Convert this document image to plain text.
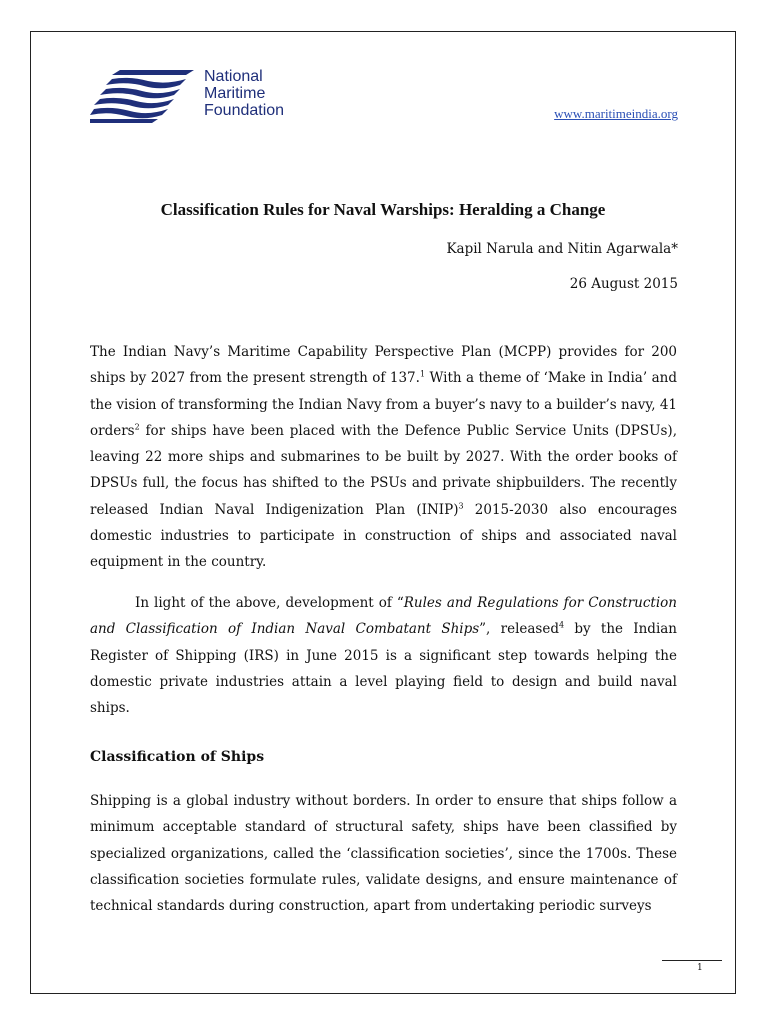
National
Maritime
Foundation	www.maritimeindia.org
Classification Rules for Naval Warships: Heralding a Change
Kapil Narula and Nitin Agarwala*
26 August 2015

The Indian Navy’s Maritime Capability Perspective Plan (MCPP) provides for 200 ships by 2027 from the present strength of 137.$^1$ With a theme of ‘Make in India’ and the vision of transforming the Indian Navy from a buyer’s navy to a builder’s navy, 41 orders$^2$ for ships have been placed with the Defence Public Service Units (DPSUs), leaving 22 more ships and submarines to be built by 2027. With the order books of DPSUs full, the focus has shifted to the PSUs and private shipbuilders. The recently released Indian Naval Indigenization Plan (INIP)$^3$ 2015-2030 also encourages domestic industries to participate in construction of ships and associated naval equipment in the country.

In light of the above, development of “Rules and Regulations for Construction and Classification of Indian Naval Combatant Ships”, released$^4$ by the Indian Register of Shipping (IRS) in June 2015 is a significant step towards helping the domestic private industries attain a level playing field to design and build naval ships.

Classification of Ships

Shipping is a global industry without borders. In order to ensure that ships follow a minimum acceptable standard of structural safety, ships have been classified by specialized organizations, called the ‘classification societies’, since the 1700s. These classification societies formulate rules, validate designs, and ensure maintenance of technical standards during construction, apart from undertaking periodic surveys

1
